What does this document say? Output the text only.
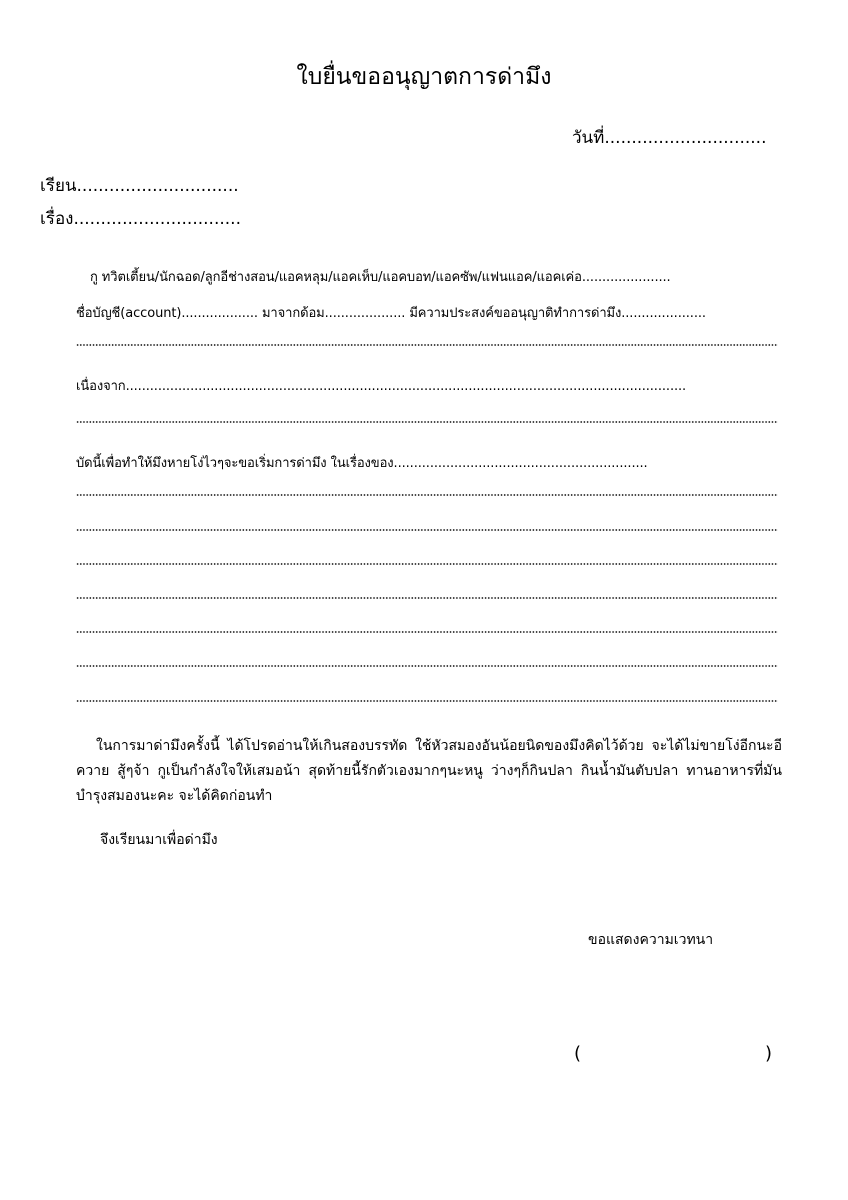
ใบยื่นขออนุญาตการด่ามึง
วันที่..............................
เรียน..............................
เรื่อง...............................
กู ทวิตเตี้ยน/นักฉอด/ลูกอีช่างสอน/แอคหลุม/แอคเห็บ/แอคบอท/แอคซัพ/แฟนแอค/แอคเค่อ......................
ชื่อบัญชี(account)................... มาจากด้อม.................... มีความประสงค์ขออนุญาติทำการด่ามึง.....................
เนื่องจาก...........................................................................................................................................
บัดนี้เพื่อทำให้มึงหายโง่ไวๆจะขอเริ่มการด่ามึง ในเรื่องของ...............................................................
ในการมาด่ามึงครั้งนี้ ได้โปรดอ่านให้เกินสองบรรทัด ใช้หัวสมองอันน้อยนิดของมึงคิดไว้ด้วย จะได้ไม่ขายโง่อีกนะอีควาย สู้ๆจ้า กูเป็นกำลังใจให้เสมอน้า สุดท้ายนี้รักตัวเองมากๆนะหนู ว่างๆก็กินปลา กินน้ำมันตับปลา ทานอาหารที่มันบำรุงสมองนะคะ จะได้คิดก่อนทำ
จึงเรียนมาเพื่อด่ามึง
ขอแสดงความเวทนา
(	)
